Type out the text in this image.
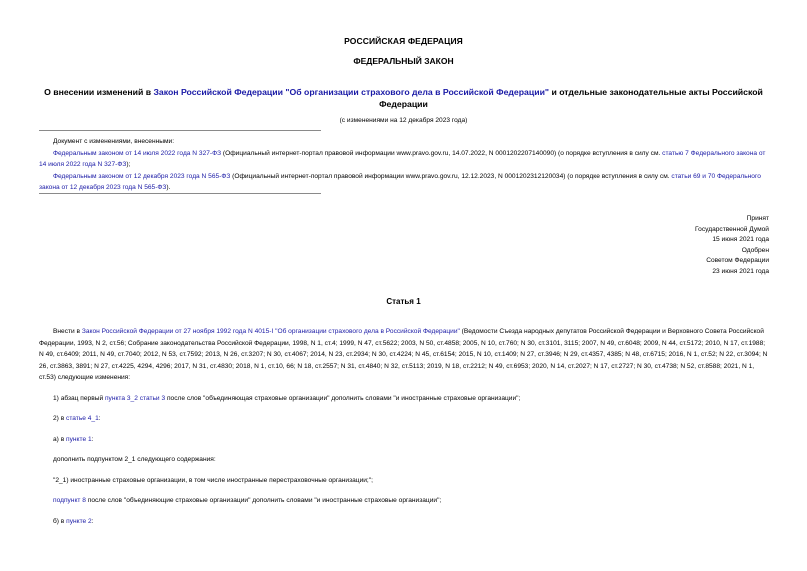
РОССИЙСКАЯ ФЕДЕРАЦИЯ
ФЕДЕРАЛЬНЫЙ ЗАКОН
О внесении изменений в Закон Российской Федерации "Об организации страхового дела в Российской Федерации" и отдельные законодательные акты Российской Федерации
(с изменениями на 12 декабря 2023 года)
Документ с изменениями, внесенными:
Федеральным законом от 14 июля 2022 года N 327-ФЗ (Официальный интернет-портал правовой информации www.pravo.gov.ru, 14.07.2022, N 0001202207140090) (о порядке вступления в силу см. статью 7 Федерального закона от 14 июля 2022 года N 327-ФЗ);
Федеральным законом от 12 декабря 2023 года N 565-ФЗ (Официальный интернет-портал правовой информации www.pravo.gov.ru, 12.12.2023, N 0001202312120034) (о порядке вступления в силу см. статьи 69 и 70 Федерального закона от 12 декабря 2023 года N 565-ФЗ).
Принят
Государственной Думой
15 июня 2021 года
Одобрен
Советом Федерации
23 июня 2021 года
Статья 1

Внести в Закон Российской Федерации от 27 ноября 1992 года N 4015-I "Об организации страхового дела в Российской Федерации" (Ведомости Съезда народных депутатов Российской Федерации и Верховного Совета Российской Федерации, 1993, N 2, ст.56; Собрание законодательства Российской Федерации, 1998, N 1, ст.4; 1999, N 47, ст.5622; 2003, N 50, ст.4858; 2005, N 10, ст.760; N 30, ст.3101, 3115; 2007, N 49, ст.6048; 2009, N 44, ст.5172; 2010, N 17, ст.1988; N 49, ст.6409; 2011, N 49, ст.7040; 2012, N 53, ст.7592; 2013, N 26, ст.3207; N 30, ст.4067; 2014, N 23, ст.2934; N 30, ст.4224; N 45, ст.6154; 2015, N 10, ст.1409; N 27, ст.3946; N 29, ст.4357, 4385; N 48, ст.6715; 2016, N 1, ст.52; N 22, ст.3094; N 26, ст.3863, 3891; N 27, ст.4225, 4294, 4296; 2017, N 31, ст.4830; 2018, N 1, ст.10, 66; N 18, ст.2557; N 31, ст.4840; N 32, ст.5113; 2019, N 18, ст.2212; N 49, ст.6953; 2020, N 14, ст.2027; N 17, ст.2727; N 30, ст.4738; N 52, ст.8588; 2021, N 1, ст.53) следующие изменения:

1) абзац первый пункта 3_2 статьи 3 после слов "объединяющая страховые организации" дополнить словами "и иностранные страховые организации";

2) в статье 4_1:

а) в пункте 1:

дополнить подпунктом 2_1 следующего содержания:

"2_1) иностранные страховые организации, в том числе иностранные перестраховочные организации;";

подпункт 8 после слов "объединяющие страховые организации" дополнить словами "и иностранные страховые организации";

б) в пункте 2:
